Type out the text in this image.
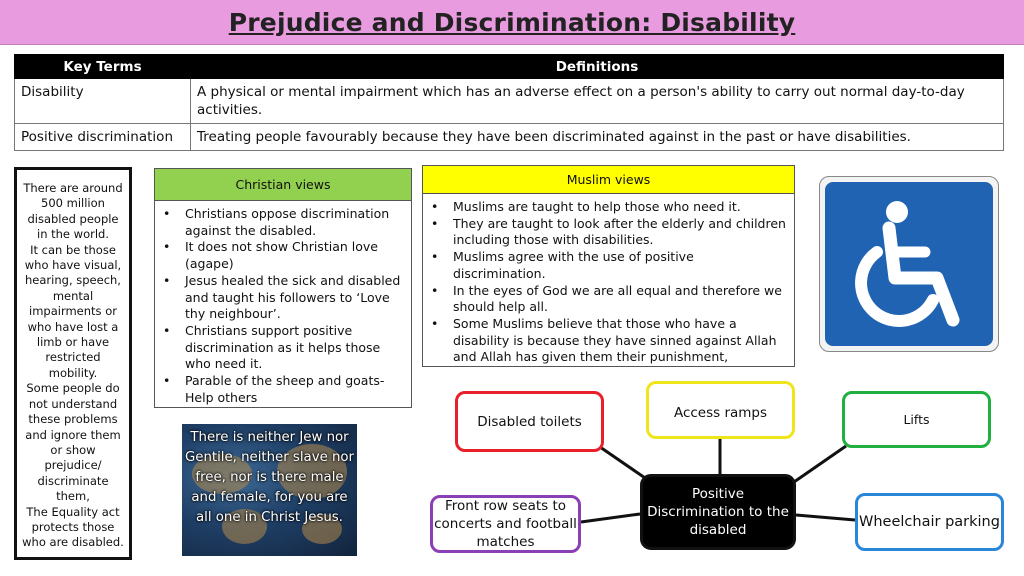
Prejudice and Discrimination: Disability
Key Terms	Definitions
Disability	A physical or mental impairment which has an adverse effect on a person's ability to carry out normal day-to-day activities.
Positive discrimination	Treating people favourably because they have been discriminated against in the past or have disabilities.

There are around 500 million disabled people in the world.

It can be those who have visual, hearing, speech, mental impairments or who have lost a limb or have restricted mobility.

Some people do not understand these problems and ignore them or show prejudice/ discriminate them,

The Equality act protects those who are disabled.

Christian views
• Christians oppose discrimination against the disabled.
• It does not show Christian love (agape)
• Jesus healed the sick and disabled and taught his followers to ‘Love thy neighbour’.
• Christians support positive discrimination as it helps those who need it.
• Parable of the sheep and goats- Help others
Muslim views
• Muslims are taught to help those who need it.
• They are taught to look after the elderly and children including those with disabilities.
• Muslims agree with the use of positive discrimination.
• In the eyes of God we are all equal and therefore we should help all.
• Some Muslims believe that those who have a disability is because they have sinned against Allah and Allah has given them their punishment,
There is neither Jew nor Gentile, neither slave nor free, nor is there male and female, for you are all one in Christ Jesus.
Disabled toilets
Access ramps	Lifts
Front row seats to concerts and football matches
Wheelchair parking
Positive Discrimination to the disabled
